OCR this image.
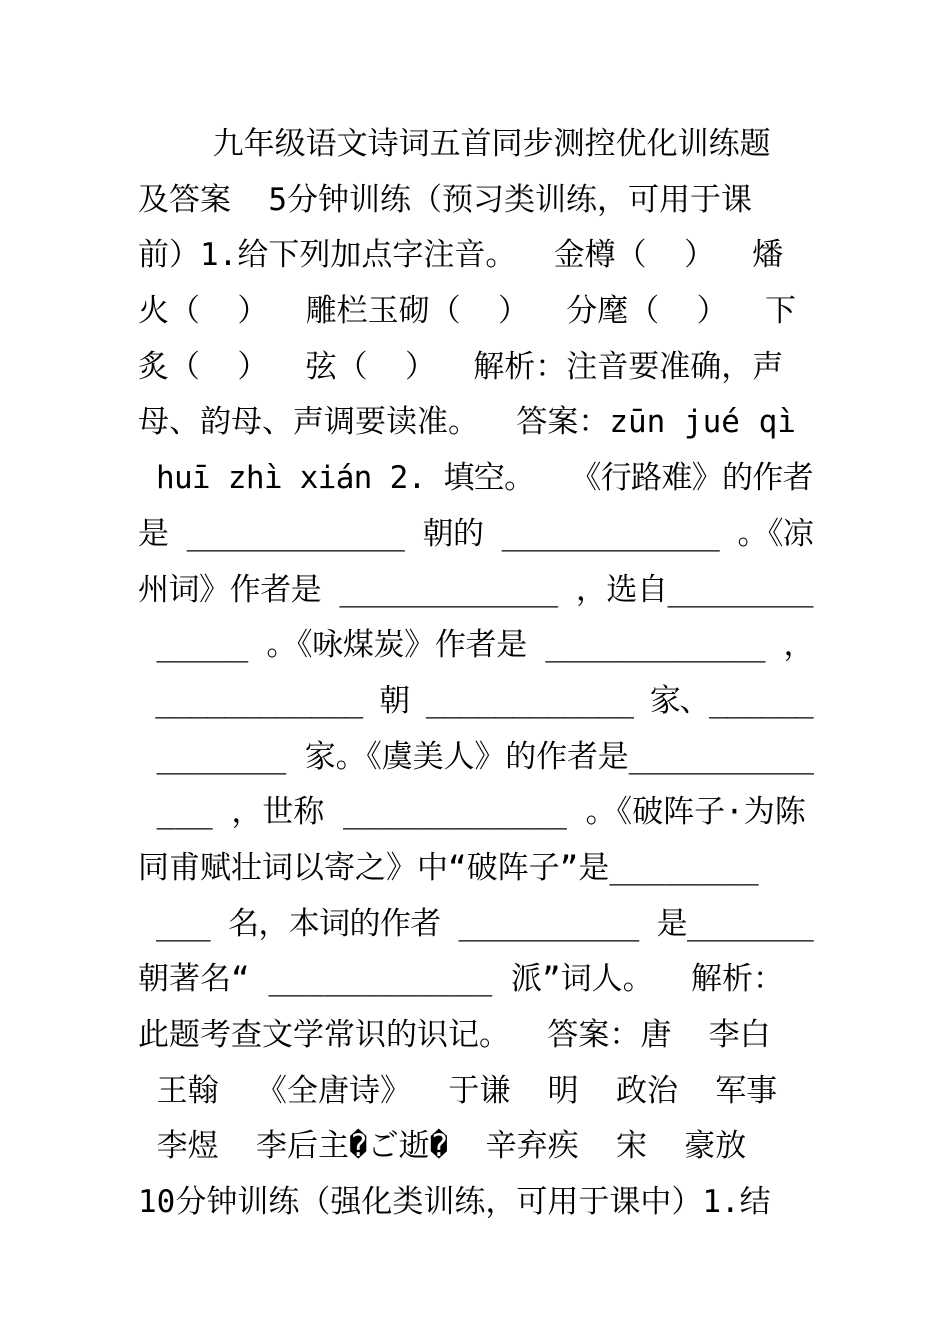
九年级语文诗词五首同步测控优化训练题
及答案  5分钟训练（预习类训练，可用于课
前）1.给下列加点字注音。  金樽（  ）  燔
火（  ）  雕栏玉砌（  ）  分麾（  ）  下
炙（  ）  弦（  ）  解析：注音要准确，声
母、韵母、声调要读准。  答案：zūn jué qì
huī zhì xián 2. 填空。  《行路难》的作者
是 ____________ 朝的 ____________ 。《凉
州词》作者是 ____________ ，选自________
_____ 。《咏煤炭》作者是 ____________ ，
____________ 朝 ____________ 家、______
_______ 家。《虞美人》的作者是__________
___ ，世称 ____________ 。《破阵子·为陈
同甫赋壮词以寄之》中“破阵子”是________
___ 名，本词的作者 __________ 是_______
朝著名“ ____________ 派”词人。  解析：
此题考查文学常识的识记。  答案：唐  李白
王翰  《全唐诗》  于谦  明  政治  军事
李煜  李后主�ご逝�  辛弃疾  宋  豪放
10分钟训练（强化类训练，可用于课中）1.结
